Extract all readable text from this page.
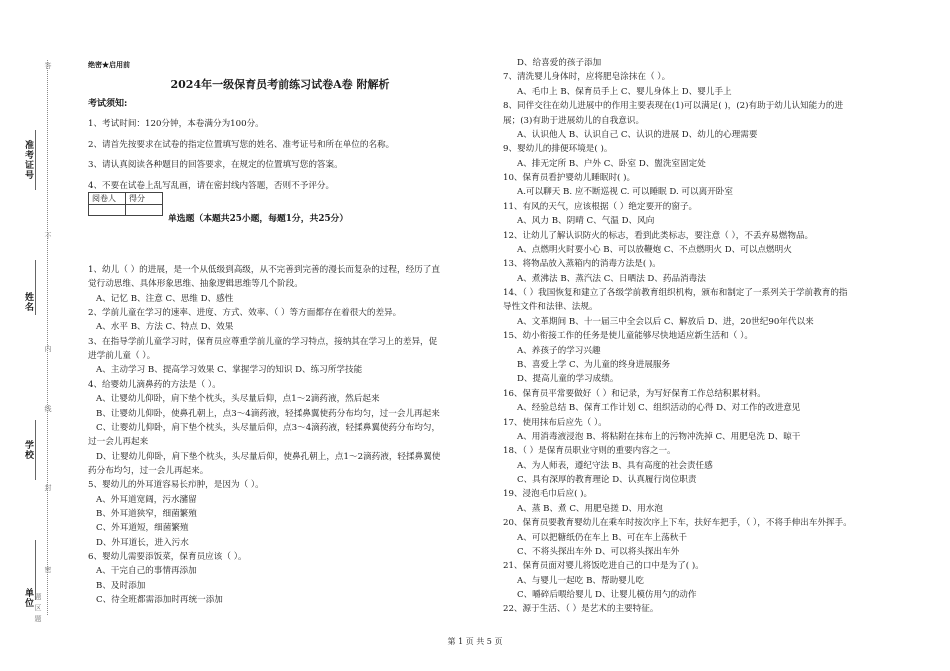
准考证号
姓名
学校
单位
答
不
内
线
封
密
题
区
题
绝密★启用前
2024年一级保育员考前练习试卷A卷 附解析
考试须知:
1、考试时间：120分钟，本卷满分为100分。
2、请首先按要求在试卷的指定位置填写您的姓名、准考证号和所在单位的名称。
3、请认真阅读各种题目的回答要求，在规定的位置填写您的答案。
4、不要在试卷上乱写乱画，请在密封线内答题，否则不予评分。
阅卷人	得分

单选题（本题共25小题，每题1分，共25分）
1、幼儿（ ）的进展，是一个从低级到高级，从不完善到完善的漫长而复杂的过程，经历了直
觉行动思维、具体形象思维、抽象逻辑思维等几个阶段。
A、记忆 B、注意 C、思维 D、感性
2、学前儿童在学习的速率、进度、方式、效率、（ ）等方面都存在着很大的差异。
A、水平 B、方法 C、特点 D、效果
3、在指导学前儿童学习时，保育员应尊重学前儿童的学习特点，接纳其在学习上的差异，促
进学前儿童（ ）。
A、主动学习 B、提高学习效果 C、掌握学习的知识 D、练习所学技能
4、给婴幼儿滴鼻药的方法是（ ）。
A、让婴幼儿仰卧，肩下垫个枕头，头尽量后仰，点1～2滴药液，然后起来
B、让婴幼儿仰卧，使鼻孔朝上，点3～4滴药液，轻揉鼻翼使药分布均匀，过一会儿再起来
C、让婴幼儿仰卧，肩下垫个枕头，头尽量后仰，点3～4滴药液，轻揉鼻翼使药分布均匀，
过一会儿再起来
D、让婴幼儿仰卧，肩下垫个枕头，头尽量后仰，使鼻孔朝上，点1～2滴药液，轻揉鼻翼使
药分布均匀，过一会儿再起来。
5、婴幼儿的外耳道容易长疖肿，是因为（ ）。
A、外耳道宽阔，污水瀦留
B、外耳道狭窄，细菌繁殖
C、外耳道短，细菌繁殖
D、外耳道长，进入污水
6、婴幼儿需要添饭菜，保育员应该（ ）。
A、干完自己的事情再添加
B、及时添加
C、待全班都需添加时再统一添加
D、给喜爱的孩子添加
7、清洗婴儿身体时，应将肥皂涂抹在（ ）。
A、毛巾上 B、保育员手上 C、婴儿身体上 D、婴儿手上
8、同伴交往在幼儿进展中的作用主要表现在(1)可以满足( )，(2)有助于幼儿认知能力的进
展；(3)有助于进展幼儿的自我意识。
A、认识他人 B、认识自己 C、认识的进展 D、幼儿的心理需要
9、婴幼儿的排便环境是( )。
A、排无定所 B、户外 C、卧室 D、盥洗室固定处
10、保育员看护婴幼儿睡眠时( )。
A.可以聊天 B. 应不断巡视 C. 可以睡眠 D. 可以离开卧室
11、有风的天气，应该根据（ ）绝定要开的窗子。
A、风力 B、阴晴 C、气温 D、风向
12、让幼儿了解认识防火的标志，看到此类标志，要注意（ ），不丢弃易燃物品。
A、点燃明火时要小心 B、可以放鞭炮 C、不点燃明火 D、可以点燃明火
13、将物品放入蒸箱内的消毒方法是( )。
A、煮沸法 B、蒸汽法 C、日晒法 D、药品消毒法
14、（ ）我国恢复和建立了各级学前教育组织机构，颁布和制定了一系列关于学前教育的指
导性文件和法律、法规。
A、文革期间 B、十一届三中全会以后 C、解放后 D、进，20世纪90年代以来
15、幼小衔接工作的任务是使儿童能够尽快地适应新生活和（ ）。
A、养孩子的学习兴趣
B、喜爱上学 C、为儿童的终身进展服务
D、提高儿童的学习成绩。
16、保育员平常要做好（ ）和记录，为写好保育工作总结积累材料。
A、经验总结 B、保育工作计划 C、组织活动的心得 D、对工作的改进意见
17、使用抹布后应先（ ）。
A、用消毒液浸泡 B、将粘附在抹布上的污物冲洗掉 C、用肥皂洗 D、晾干
18、（ ）是保育员职业守则的重要内容之一。
A、为人师表，遵纪守法 B、具有高度的社会责任感
C、具有深厚的教育理论 D、认真履行岗位职责
19、浸泡毛巾后应( )。
A、蒸 B、煮 C、用肥皂搓 D、用水泡
20、保育员要教育婴幼儿在乘车时按次序上下车，扶好车把手，（ ），不将手伸出车外挥手。
A、可以把糖纸仍在车上 B、可在车上荡秋千
C、不将头探出车外 D、可以将头探出车外
21、保育员面对婴儿将饭吃进自己的口中是为了( )。
A、与婴儿一起吃 B、帮助婴儿吃
C、嚼碎后喂给婴儿 D、让婴儿模仿用勺的动作
22、源于生活、（ ）是艺术的主要特征。
第 1 页 共 5 页
